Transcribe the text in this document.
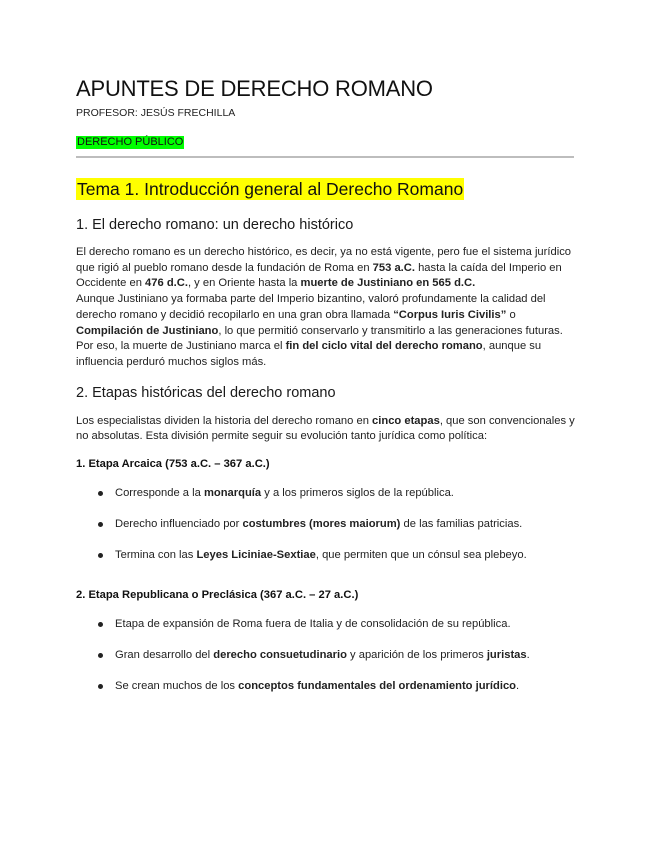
APUNTES DE DERECHO ROMANO
PROFESOR: JESÚS FRECHILLA
DERECHO PÚBLICO
Tema 1. Introducción general al Derecho Romano
1. El derecho romano: un derecho histórico

El derecho romano es un derecho histórico, es decir, ya no está vigente, pero fue el sistema jurídico que rigió al pueblo romano desde la fundación de Roma en 753 a.C. hasta la caída del Imperio en Occidente en 476 d.C., y en Oriente hasta la muerte de Justiniano en 565 d.C.

Aunque Justiniano ya formaba parte del Imperio bizantino, valoró profundamente la calidad del derecho romano y decidió recopilarlo en una gran obra llamada “Corpus Iuris Civilis” o Compilación de Justiniano, lo que permitió conservarlo y transmitirlo a las generaciones futuras.

Por eso, la muerte de Justiniano marca el fin del ciclo vital del derecho romano, aunque su influencia perduró muchos siglos más.

2. Etapas históricas del derecho romano

Los especialistas dividen la historia del derecho romano en cinco etapas, que son convencionales y no absolutas. Esta división permite seguir su evolución tanto jurídica como política:

1. Etapa Arcaica (753 a.C. – 367 a.C.)
Corresponde a la monarquía y a los primeros siglos de la república.
Derecho influenciado por costumbres (mores maiorum) de las familias patricias.
Termina con las Leyes Liciniae-Sextiae, que permiten que un cónsul sea plebeyo.
2. Etapa Republicana o Preclásica (367 a.C. – 27 a.C.)
Etapa de expansión de Roma fuera de Italia y de consolidación de su república.
Gran desarrollo del derecho consuetudinario y aparición de los primeros juristas.
Se crean muchos de los conceptos fundamentales del ordenamiento jurídico.
